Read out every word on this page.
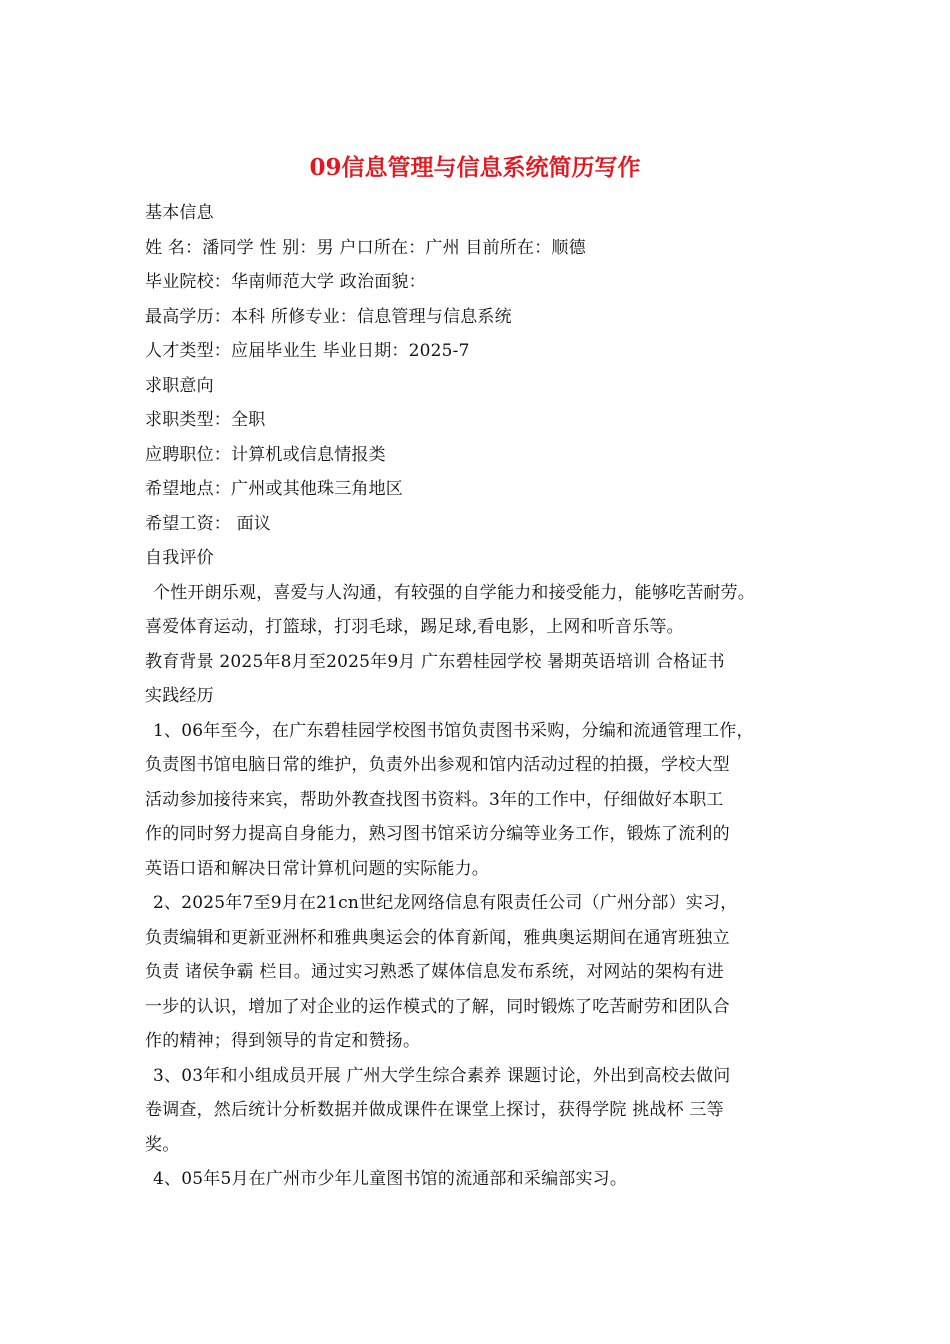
09信息管理与信息系统简历写作
基本信息
姓 名：潘同学 性 别：男 户口所在：广州 目前所在：顺德
毕业院校：华南师范大学 政治面貌：
最高学历：本科 所修专业：信息管理与信息系统
人才类型：应届毕业生 毕业日期：2025-7
求职意向
求职类型：全职
应聘职位：计算机或信息情报类
希望地点：广州或其他珠三角地区
希望工资： 面议
自我评价
个性开朗乐观，喜爱与人沟通，有较强的自学能力和接受能力，能够吃苦耐劳。
喜爱体育运动，打篮球，打羽毛球，踢足球,看电影，上网和听音乐等。
教育背景 2025年8月至2025年9月 广东碧桂园学校 暑期英语培训 合格证书
实践经历
1、06年至今，在广东碧桂园学校图书馆负责图书采购，分编和流通管理工作，
负责图书馆电脑日常的维护，负责外出参观和馆内活动过程的拍摄，学校大型
活动参加接待来宾，帮助外教查找图书资料。3年的工作中，仔细做好本职工
作的同时努力提高自身能力，熟习图书馆采访分编等业务工作，锻炼了流利的
英语口语和解决日常计算机问题的实际能力。
2、2025年7至9月在21cn世纪龙网络信息有限责任公司（广州分部）实习，
负责编辑和更新亚洲杯和雅典奥运会的体育新闻，雅典奥运期间在通宵班独立
负责 诸侯争霸 栏目。通过实习熟悉了媒体信息发布系统，对网站的架构有进
一步的认识，增加了对企业的运作模式的了解，同时锻炼了吃苦耐劳和团队合
作的精神；得到领导的肯定和赞扬。
3、03年和小组成员开展 广州大学生综合素养 课题讨论，外出到高校去做问
卷调查，然后统计分析数据并做成课件在课堂上探讨，获得学院 挑战杯 三等
奖。
4、05年5月在广州市少年儿童图书馆的流通部和采编部实习。
